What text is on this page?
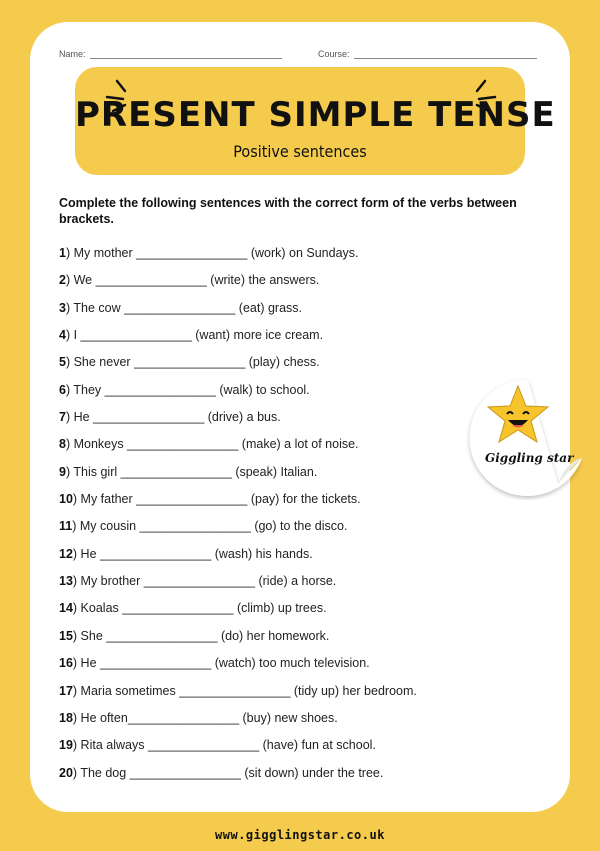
Name:	Course:
PRESENT SIMPLE TENSE
Positive sentences
Complete the following sentences with the correct form of the verbs between brackets.
1) My mother ________________ (work) on Sundays.
2) We ________________ (write) the answers.
3) The cow ________________ (eat) grass.
4) I ________________ (want) more ice cream.
5) She never ________________ (play) chess.
6) They ________________ (walk) to school.
7) He ________________ (drive) a bus.
8) Monkeys ________________ (make) a lot of noise.
9) This girl ________________ (speak) Italian.
10) My father ________________ (pay) for the tickets.
11) My cousin ________________ (go) to the disco.
12) He ________________ (wash) his hands.
13) My brother ________________ (ride) a horse.
14) Koalas ________________ (climb) up trees.
15) She ________________ (do) her homework.
16) He ________________ (watch) too much television.
17) Maria sometimes ________________ (tidy up) her bedroom.
18) He often________________ (buy) new shoes.
19) Rita always ________________ (have) fun at school.
20) The dog ________________ (sit down) under the tree.
Giggling star
www.gigglingstar.co.uk
